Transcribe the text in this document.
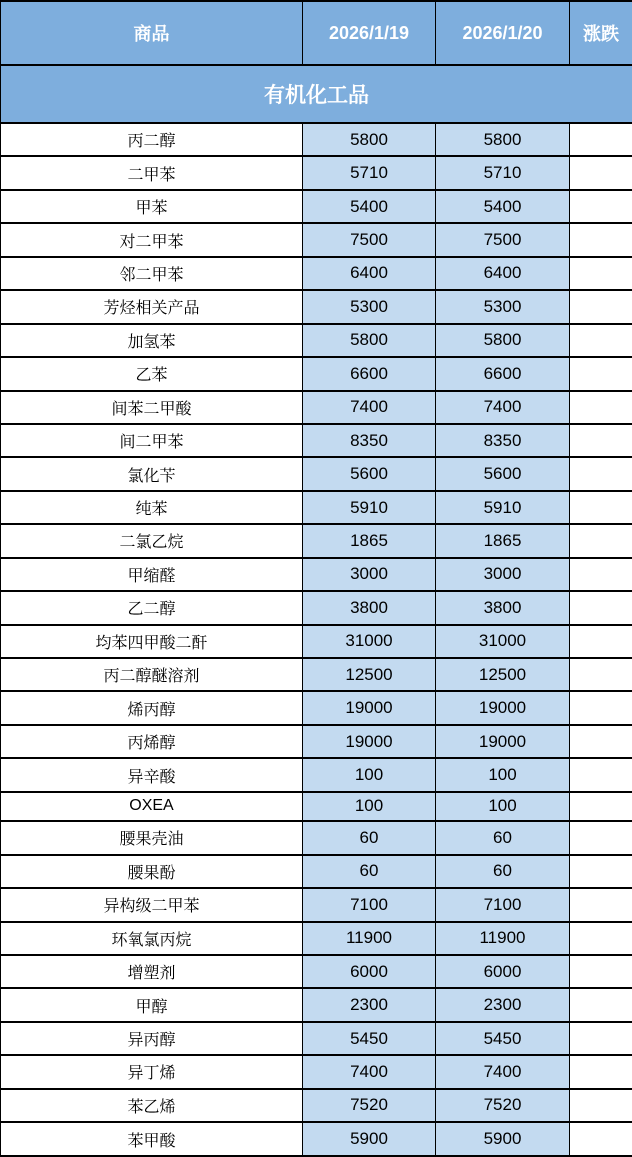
商品	2026/1/19	2026/1/20	涨跌
有机化工品			
丙二醇	5800	5800	
二甲苯	5710	5710	
甲苯	5400	5400	
对二甲苯	7500	7500	
邻二甲苯	6400	6400	
芳烃相关产品	5300	5300	
加氢苯	5800	5800	
乙苯	6600	6600	
间苯二甲酸	7400	7400	
间二甲苯	8350	8350	
氯化苄	5600	5600	
纯苯	5910	5910	
二氯乙烷	1865	1865	
甲缩醛	3000	3000	
乙二醇	3800	3800	
均苯四甲酸二酐	31000	31000	
丙二醇醚溶剂	12500	12500	
烯丙醇	19000	19000	
丙烯醇	19000	19000	
异辛酸	100	100	
OXEA	100	100	
腰果壳油	60	60	
腰果酚	60	60	
异构级二甲苯	7100	7100	
环氧氯丙烷	11900	11900	
增塑剂	6000	6000	
甲醇	2300	2300	
异丙醇	5450	5450	
异丁烯	7400	7400	
苯乙烯	7520	7520	
苯甲酸	5900	5900	
